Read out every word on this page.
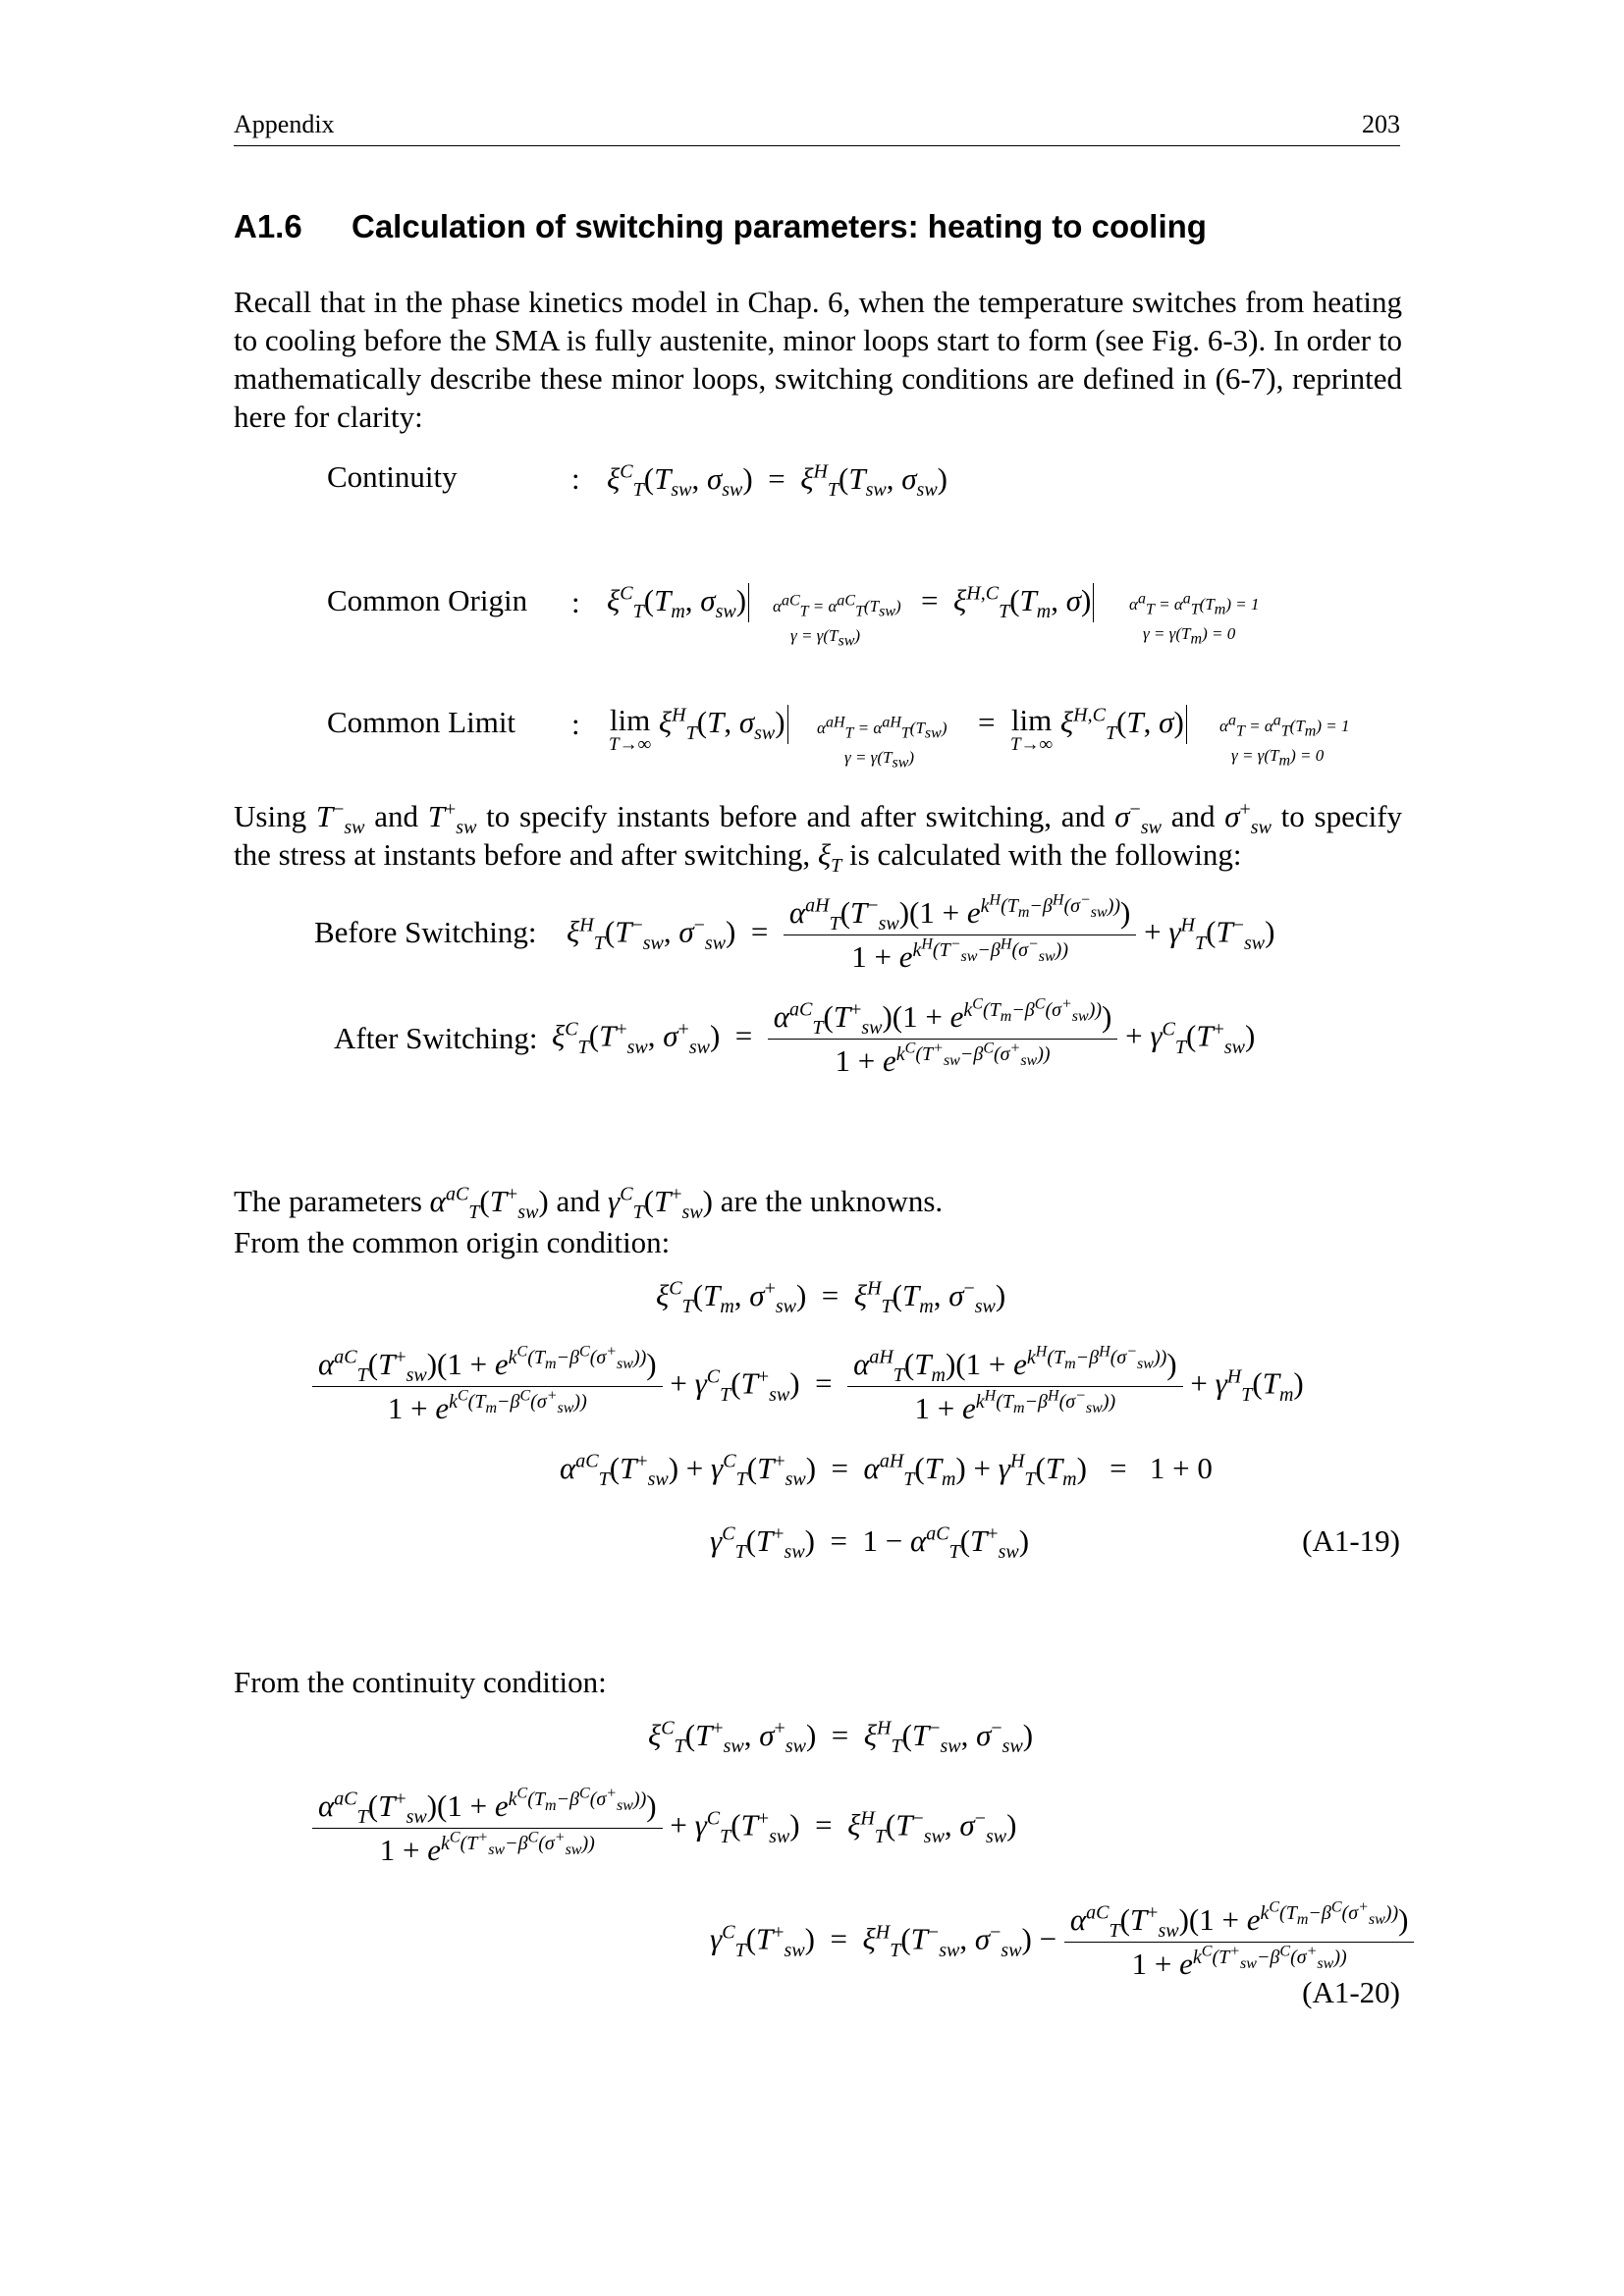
Appendix	203
A1.6 Calculation of switching parameters: heating to cooling
Recall that in the phase kinetics model in Chap. 6, when the temperature switches from heating to cooling before the SMA is fully austenite, minor loops start to form (see Fig. 6-3). In order to mathematically describe these minor loops, switching conditions are defined in (6-7), reprinted here for clarity:
Continuity	: $\xi^C_T(T_{sw}$, $\sigma_{sw}) = \xi^H_T(T_{sw}$, $\sigma_{sw}$)
Common Origin : $\xi^C_T(T_m$, $\sigma_{sw}$) $\alpha^{aC}_T = \alpha^{aC}_T(T_{sw})$
$\gamma = \gamma(T_{sw})$
=  $\xi^{H,C}_T(T_m$, σ) $\alpha^a_T = \alpha^a_T(T_m) = 1$
$\gamma = \gamma(T_m) = 0$
Common Limit : lim
T→∞
$\xi^H_T(T$, $\sigma_{sw}$) $\alpha^{aH}_T = \alpha^{aH}_T(T_{sw})$
$\gamma = \gamma(T_{sw})$
= lim
T→∞
$\xi^{H,C}_T(T$, σ) $\alpha^a_T = \alpha^a_T(T_m) = 1$
$\gamma = \gamma(T_m) = 0$
Using $T^-_{sw}$ and $T^+_{sw}$ to specify instants before and after switching, and $\sigma^-_{sw}$ and $\sigma^+_{sw}$ to specify the stress at instants before and after switching, $\xi_T$ is calculated with the following:
Before Switching: $\xi^H_T(T^-_{sw}$, $\sigma^-_{sw}) = \frac{\alpha^{aH}_T(T^-_{sw})(1 + e^{k^H(T_m-\beta^H(\sigma^-_{sw}))})}{1 + e^{k^H(T^-_{sw}-\beta^H(\sigma^-_{sw}))}} + \gamma^H_T(T^-_{sw})$
After Switching: $\xi^C_T(T^+_{sw}$, $\sigma^+_{sw}) = \frac{\alpha^{aC}_T(T^+_{sw})(1 + e^{k^C(T_m-\beta^C(\sigma^+_{sw}))})}{1 + e^{k^C(T^+_{sw}-\beta^C(\sigma^+_{sw}))}} + \gamma^C_T(T^+_{sw})$
The parameters $\alpha^{aC}_T(T^+_{sw})$ and $\gamma^C_T(T^+_{sw})$ are the unknowns.
From the common origin condition:
$\xi^C_T(T_m$, $\sigma^+_{sw}) = \xi^H_T(T_m$, $\sigma^-_{sw}$)
$\frac{\alpha^{aC}_T(T^+_{sw})(1 + e^{k^C(T_m-\beta^C(\sigma^+_{sw}))})}{1 + e^{k^C(T_m-\beta^C(\sigma^+_{sw}))}} + \gamma^C_T(T^+_{sw}) = \frac{\alpha^{aH}_T(T_m)(1 + e^{k^H(T_m-\beta^H(\sigma^-_{sw}))})}{1 + e^{k^H(T_m-\beta^H(\sigma^-_{sw}))}} + \gamma^H_T(T_m)$
$\alpha^{aC}_T(T^+_{sw}) + \gamma^C_T(T^+_{sw}) = \alpha^{aH}_T(T_m) + \gamma^H_T(T_m) = 1 + 0$
$\gamma^C_T(T^+_{sw}) = 1 - \alpha^{aC}_T(T^+_{sw})$	(A1-19)
From the continuity condition:
$\xi^C_T(T^+_{sw}$, $\sigma^+_{sw}) = \xi^H_T(T^-_{sw}$, $\sigma^-_{sw}$)
$\frac{\alpha^{aC}_T(T^+_{sw})(1 + e^{k^C(T_m-\beta^C(\sigma^+_{sw}))})}{1 + e^{k^C(T^+_{sw}-\beta^C(\sigma^+_{sw}))}} + \gamma^C_T(T^+_{sw}) = \xi^H_T(T^-_{sw}$, $\sigma^-_{sw}$)
$\gamma^C_T(T^+_{sw}) = \xi^H_T(T^-_{sw}$, $\sigma^-_{sw}) - \frac{\alpha^{aC}_T(T^+_{sw})(1 + e^{k^C(T_m-\beta^C(\sigma^+_{sw}))})}{1 + e^{k^C(T^+_{sw}-\beta^C(\sigma^+_{sw}))}}$
(A1-20)
